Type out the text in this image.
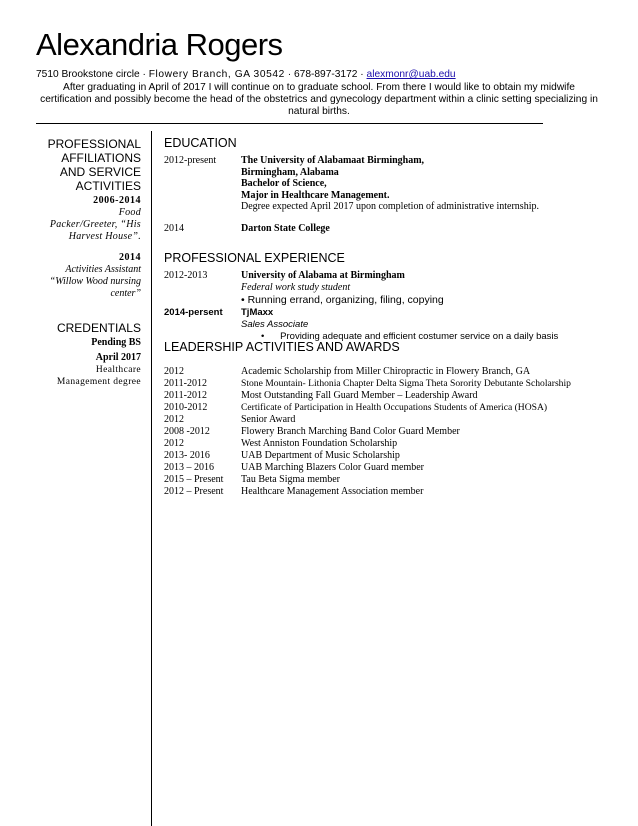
Alexandria Rogers
7510 Brookstone circle · Flowery Branch, GA 30542 · 678-897-3172 · alexmonr@uab.edu
After graduating in April of 2017 I will continue on to graduate school. From there I would like to obtain my midwife certification and possibly become the head of the obstetrics and gynecology department within a clinic setting specializing in natural births.
PROFESSIONAL
AFFILIATIONS
AND SERVICE
ACTIVITIES
2006-2014
Food
Packer/Greeter, “His
Harvest House”.
2014
Activities Assistant
“Willow Wood nursing
center”
CREDENTIALS
Pending BS
April 2017
Healthcare
Management degree
EDUCATION
2012-present The University of Alabamaat Birmingham,
Birmingham, Alabama
Bachelor of Science,
Major in Healthcare Management.
Degree expected April 2017 upon completion of administrative internship.
2014	Darton State College
PROFESSIONAL EXPERIENCE
2012-2013	University of Alabama at Birmingham
Federal work study student
• Running errand, organizing, filing, copying
2014-persent TjMaxx
Sales Associate
•      Providing adequate and efficient costumer service on a daily basis
LEADERSHIP ACTIVITIES AND AWARDS
2012	Academic Scholarship from Miller Chiropractic in Flowery Branch, GA
2011-2012	Stone Mountain- Lithonia Chapter Delta Sigma Theta Sorority Debutante Scholarship
2011-2012	Most Outstanding Fall Guard Member – Leadership Award
2010-2012	Certificate of Participation in Health Occupations Students of America (HOSA)
2012	Senior Award
2008 -2012	Flowery Branch Marching Band Color Guard Member
2012	West Anniston Foundation Scholarship
2013- 2016	UAB Department of Music Scholarship
2013 – 2016	UAB Marching Blazers Color Guard member
2015 – Present Tau Beta Sigma member
2012 – Present Healthcare Management Association member
